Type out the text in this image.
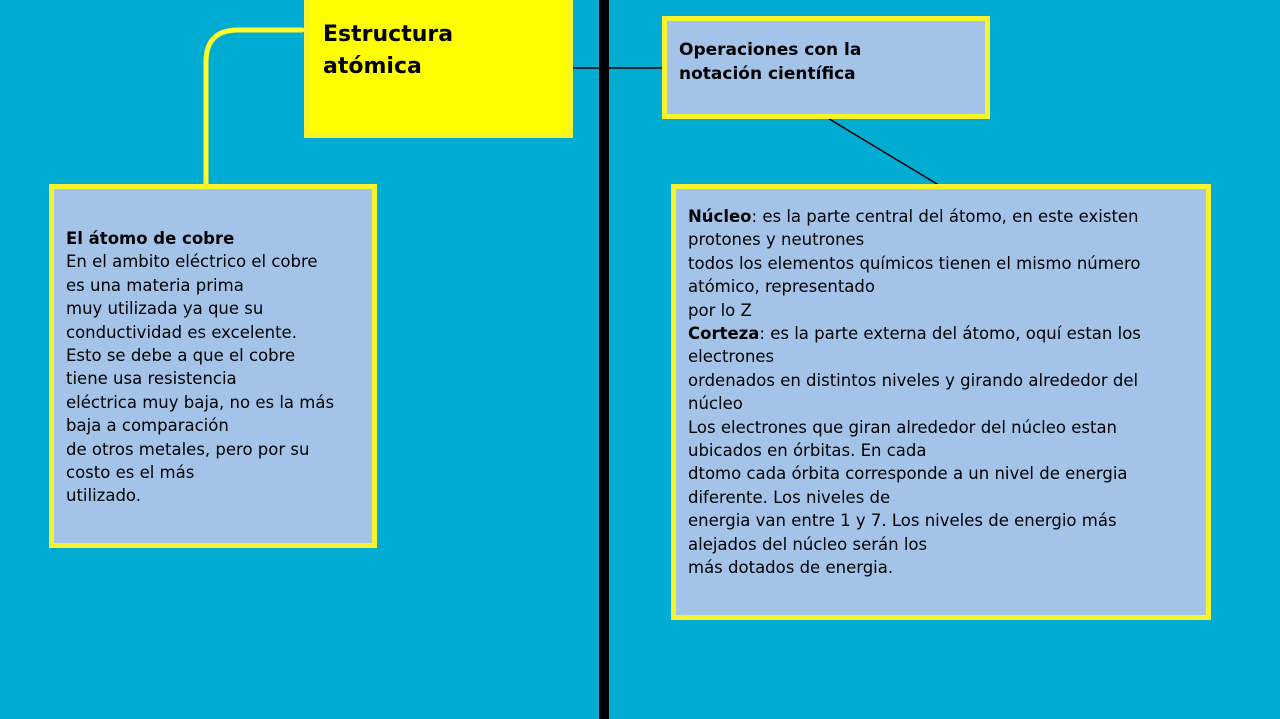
Estructura
atómica
Operaciones con la
notación científica
El átomo de cobre
En el ambito eléctrico el cobre
es una materia prima
muy utilizada ya que su
conductividad es excelente.
Esto se debe a que el cobre
tiene usa resistencia
eléctrica muy baja, no es la más
baja a comparación
de otros metales, pero por su
costo es el más
utilizado.
Núcleo: es la parte central del átomo, en este existen
protones y neutrones
todos los elementos químicos tienen el mismo número
atómico, representado
por lo Z
Corteza: es la parte externa del átomo, oquí estan los
electrones
ordenados en distintos niveles y girando alrededor del
núcleo
Los electrones que giran alrededor del núcleo estan
ubicados en órbitas. En cada
dtomo cada órbita corresponde a un nivel de energia
diferente. Los niveles de
energia van entre 1 y 7. Los niveles de energio más
alejados del núcleo serán los
más dotados de energia.
